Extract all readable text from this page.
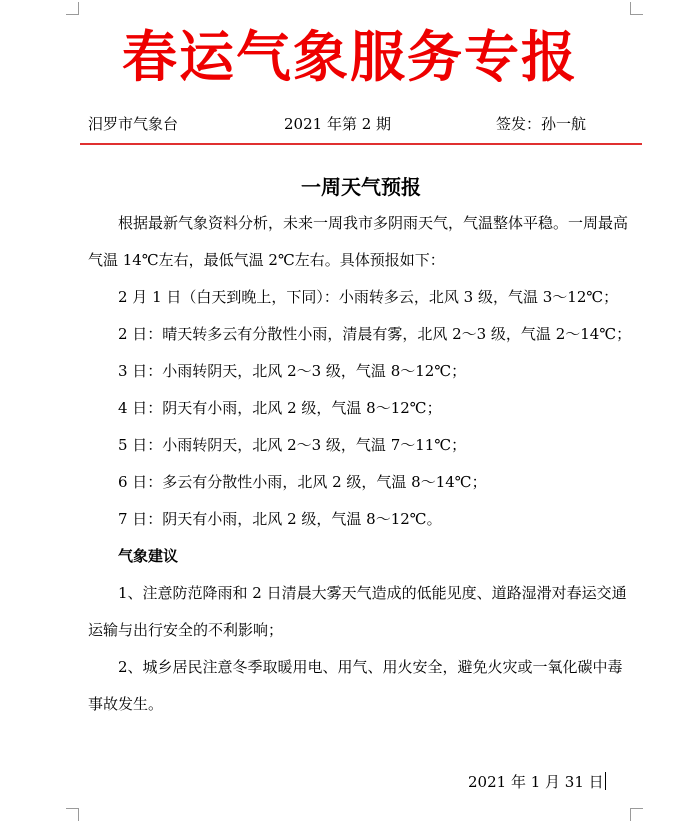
春运气象服务专报
汨罗市气象台	2021 年第 2 期	签发：孙一航
一周天气预报

根据最新气象资料分析，未来一周我市多阴雨天气，气温整体平稳。一周最高气温 14℃左右，最低气温 2℃左右。具体预报如下：

2 月 1 日（白天到晚上，下同）：小雨转多云，北风 3 级，气温 3～12℃；

2 日：晴天转多云有分散性小雨，清晨有雾，北风 2～3 级，气温 2～14℃；

3 日：小雨转阴天，北风 2～3 级，气温 8～12℃；

4 日：阴天有小雨，北风 2 级，气温 8～12℃；

5 日：小雨转阴天，北风 2～3 级，气温 7～11℃；

6 日：多云有分散性小雨，北风 2 级，气温 8～14℃；

7 日：阴天有小雨，北风 2 级，气温 8～12℃。

气象建议

1、注意防范降雨和 2 日清晨大雾天气造成的低能见度、道路湿滑对春运交通运输与出行安全的不利影响；

2、城乡居民注意冬季取暖用电、用气、用火安全，避免火灾或一氧化碳中毒事故发生。

2021 年 1 月 31 日
